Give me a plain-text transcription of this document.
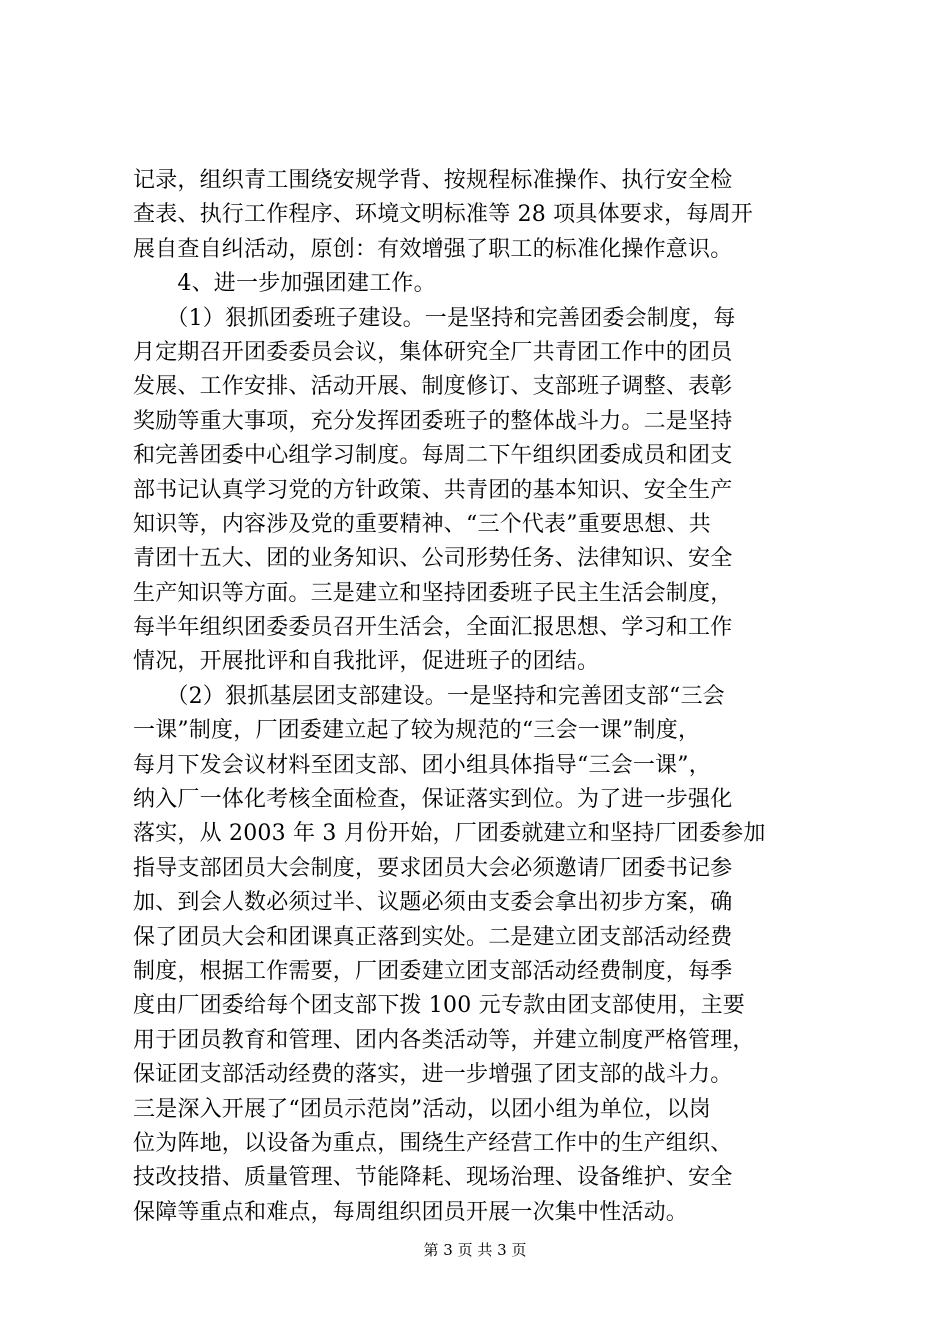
记录，组织青工围绕安规学背、按规程标准操作、执行安全检
查表、执行工作程序、环境文明标准等 28 项具体要求，每周开
展自查自纠活动，原创：有效增强了职工的标准化操作意识。
　　4、进一步加强团建工作。
　　（1）狠抓团委班子建设。一是坚持和完善团委会制度，每
月定期召开团委委员会议，集体研究全厂共青团工作中的团员
发展、工作安排、活动开展、制度修订、支部班子调整、表彰
奖励等重大事项，充分发挥团委班子的整体战斗力。二是坚持
和完善团委中心组学习制度。每周二下午组织团委成员和团支
部书记认真学习党的方针政策、共青团的基本知识、安全生产
知识等，内容涉及党的重要精神、“三个代表”重要思想、共
青团十五大、团的业务知识、公司形势任务、法律知识、安全
生产知识等方面。三是建立和坚持团委班子民主生活会制度，
每半年组织团委委员召开生活会，全面汇报思想、学习和工作
情况，开展批评和自我批评，促进班子的团结。
　　（2）狠抓基层团支部建设。一是坚持和完善团支部“三会
一课”制度，厂团委建立起了较为规范的“三会一课”制度，
每月下发会议材料至团支部、团小组具体指导“三会一课”，
纳入厂一体化考核全面检查，保证落实到位。为了进一步强化
落实，从 2003 年 3 月份开始，厂团委就建立和坚持厂团委参加
指导支部团员大会制度，要求团员大会必须邀请厂团委书记参
加、到会人数必须过半、议题必须由支委会拿出初步方案，确
保了团员大会和团课真正落到实处。二是建立团支部活动经费
制度，根据工作需要，厂团委建立团支部活动经费制度，每季
度由厂团委给每个团支部下拨 100 元专款由团支部使用，主要
用于团员教育和管理、团内各类活动等，并建立制度严格管理，
保证团支部活动经费的落实，进一步增强了团支部的战斗力。
三是深入开展了“团员示范岗”活动，以团小组为单位，以岗
位为阵地，以设备为重点，围绕生产经营工作中的生产组织、
技改技措、质量管理、节能降耗、现场治理、设备维护、安全
保障等重点和难点，每周组织团员开展一次集中性活动。
第 3 页 共 3 页
